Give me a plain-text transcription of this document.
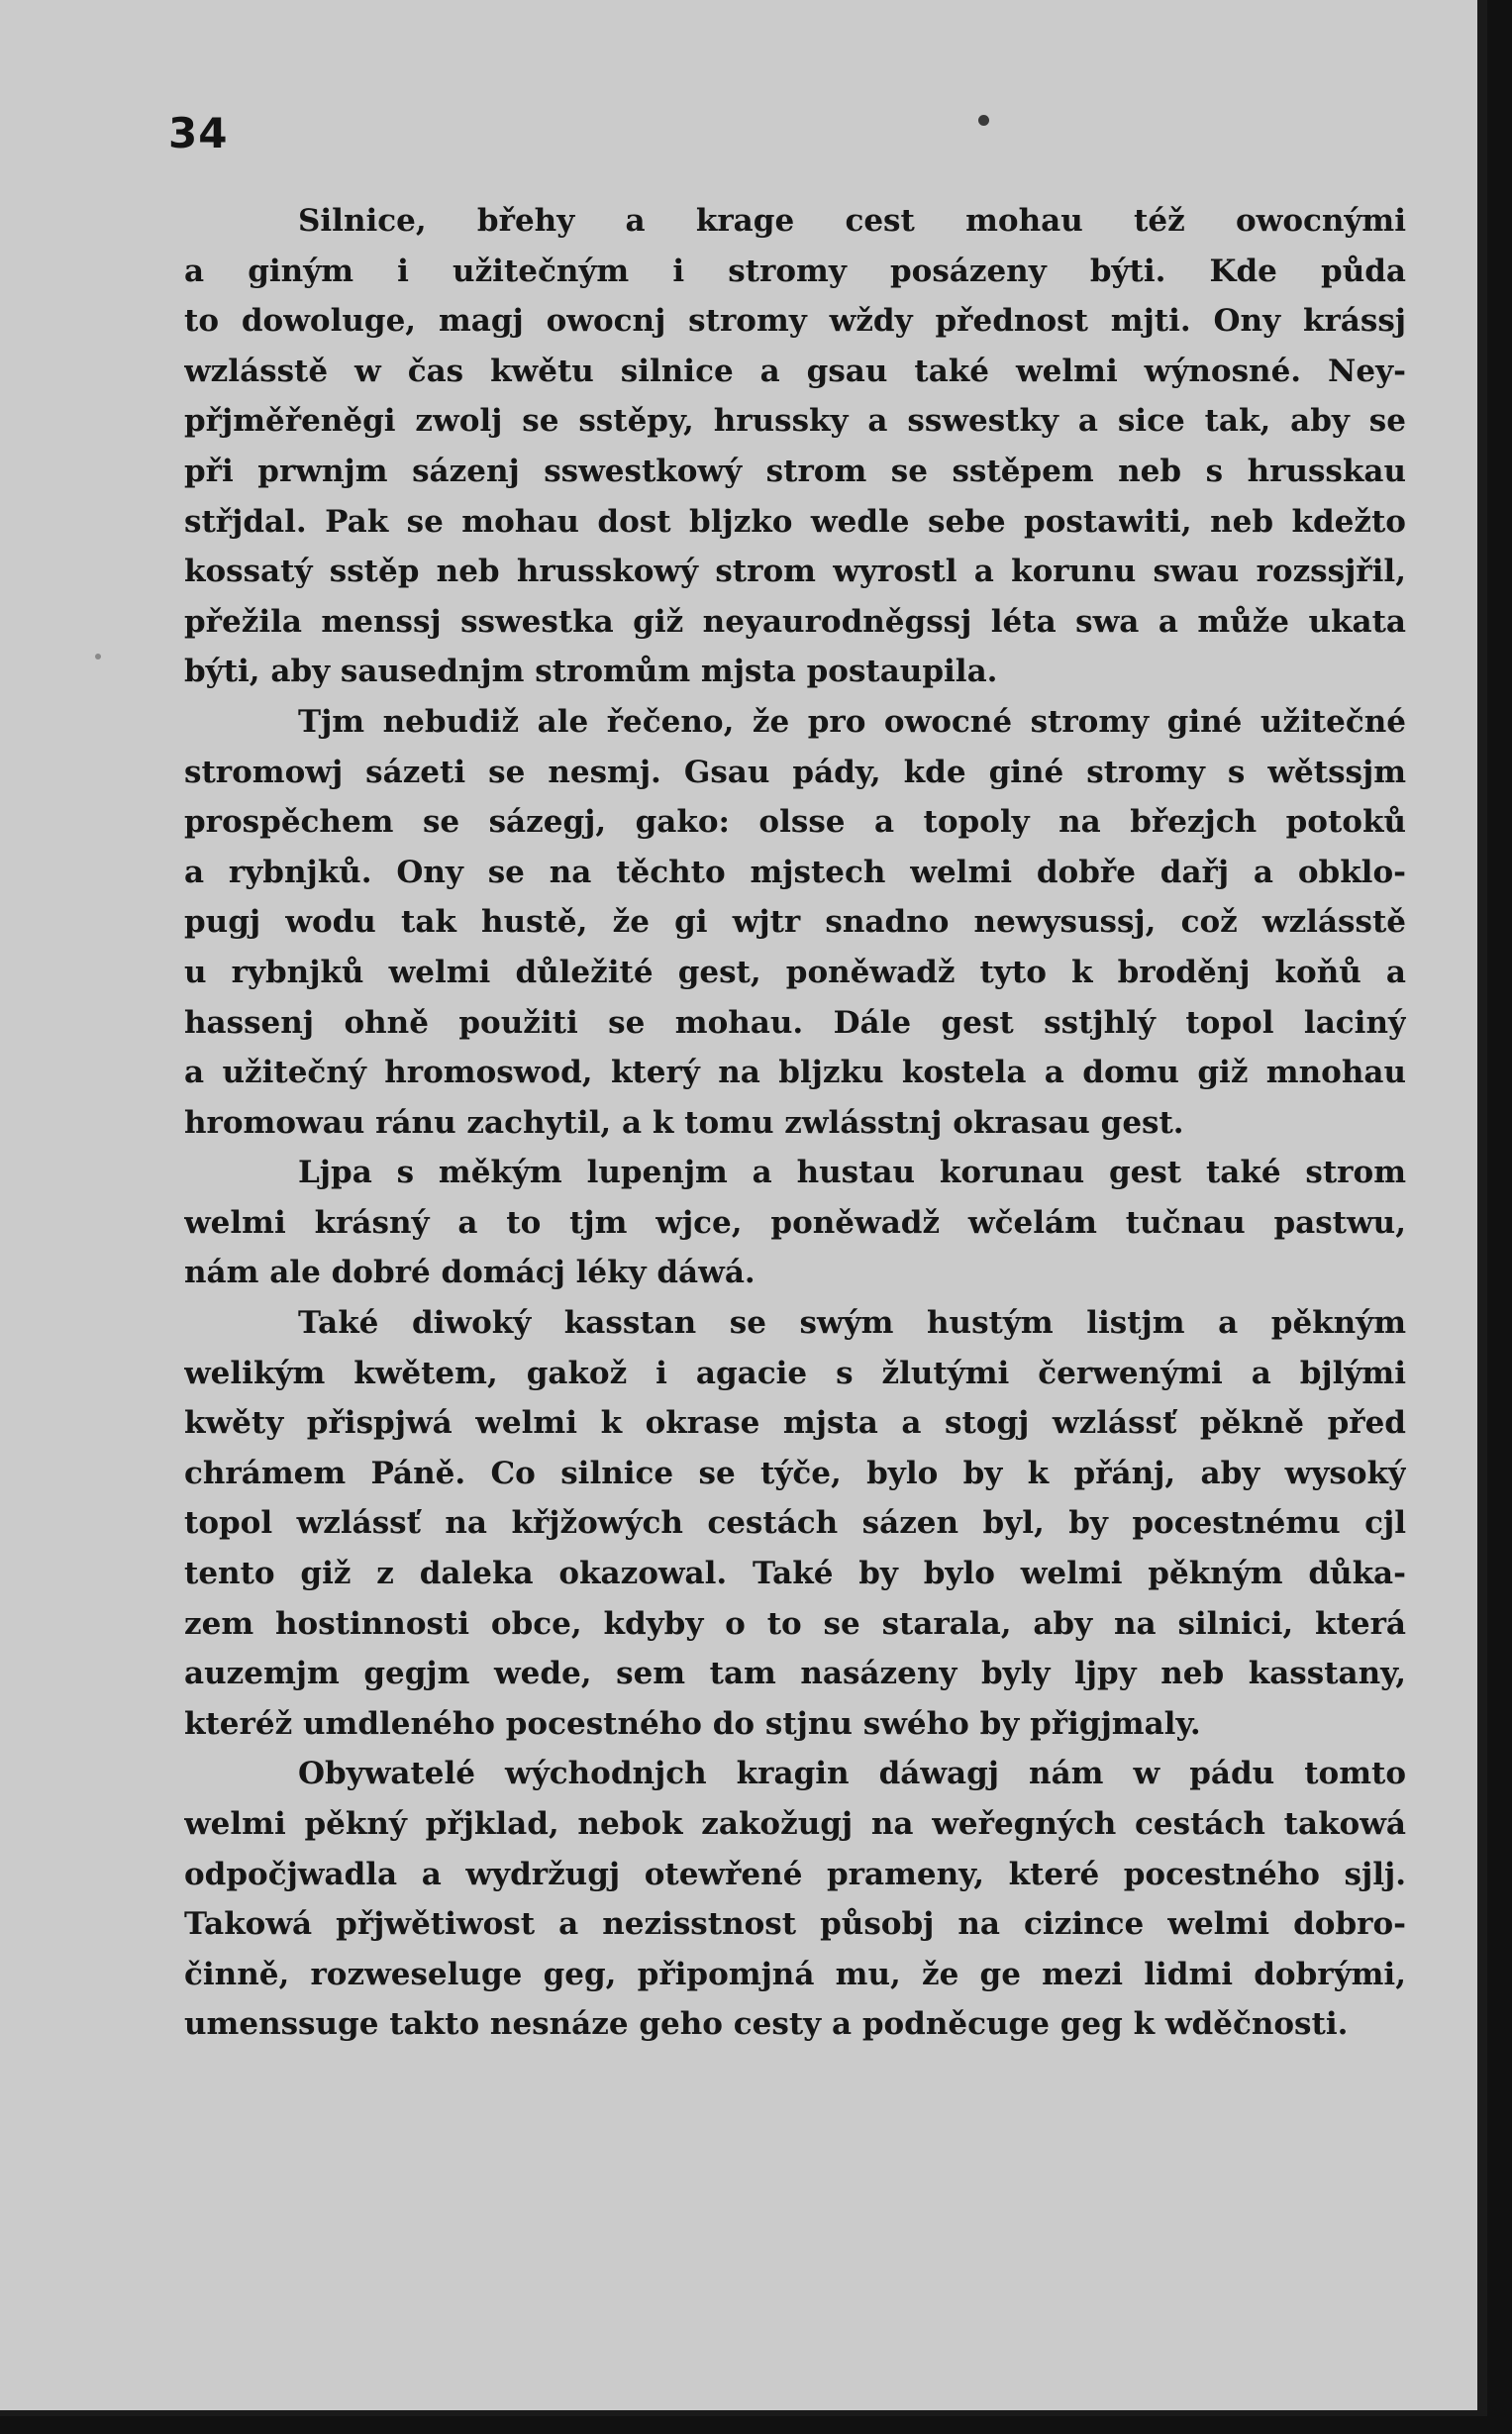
34
Silnice, břehy a krage cest mohau též owocnými
a giným i užitečným i stromy posázeny býti. Kde půda
to dowoluge, magj owocnj stromy wždy přednost mjti. Ony krássj
wzlásstě w čas kwětu silnice a gsau také welmi wýnosné. Ney-
přjměřeněgi zwolj se sstěpy, hrussky a sswestky a sice tak, aby se
při prwnjm sázenj sswestkowý strom se sstěpem neb s hrusskau
střjdal. Pak se mohau dost bljzko wedle sebe postawiti, neb kdežto
kossatý sstěp neb hrusskowý strom wyrostl a korunu swau rozssjřil,
přežila menssj sswestka giž neyaurodněgssj léta swa a může ukata
býti, aby sausednjm stromům mjsta postaupila.
Tjm nebudiž ale řečeno, že pro owocné stromy giné užitečné
stromowj sázeti se nesmj. Gsau pády, kde giné stromy s wětssjm
prospěchem se sázegj, gako: olsse a topoly na březjch potoků
a rybnjků. Ony se na těchto mjstech welmi dobře dařj a obklo-
pugj wodu tak hustě, že gi wjtr snadno newysussj, což wzlásstě
u rybnjků welmi důležité gest, poněwadž tyto k broděnj koňů a
hassenj ohně použiti se mohau. Dále gest sstjhlý topol laciný
a užitečný hromoswod, který na bljzku kostela a domu giž mnohau
hromowau ránu zachytil, a k tomu zwlásstnj okrasau gest.
Ljpa s měkým lupenjm a hustau korunau gest také strom
welmi krásný a to tjm wjce, poněwadž wčelám tučnau pastwu,
nám ale dobré domácj léky dáwá.
Také diwoký kasstan se swým hustým listjm a pěkným
welikým kwětem, gakož i agacie s žlutými čerwenými a bjlými
kwěty přispjwá welmi k okrase mjsta a stogj wzlássť pěkně před
chrámem Páně. Co silnice se týče, bylo by k přánj, aby wysoký
topol wzlássť na křjžowých cestách sázen byl, by pocestnému cjl
tento giž z daleka okazowal. Také by bylo welmi pěkným důka-
zem hostinnosti obce, kdyby o to se starala, aby na silnici, která
auzemjm gegjm wede, sem tam nasázeny byly ljpy neb kasstany,
kteréž umdleného pocestného do stjnu swého by přigjmaly.
Obywatelé wýchodnjch kragin dáwagj nám w pádu tomto
welmi pěkný přjklad, nebok zakožugj na weřegných cestách takowá
odpočjwadla a wydržugj otewřené prameny, které pocestného sjlj.
Takowá přjwětiwost a nezisstnost působj na cizince welmi dobro-
činně, rozweseluge geg, připomjná mu, že ge mezi lidmi dobrými,
umenssuge takto nesnáze geho cesty a podněcuge geg k wděčnosti.
